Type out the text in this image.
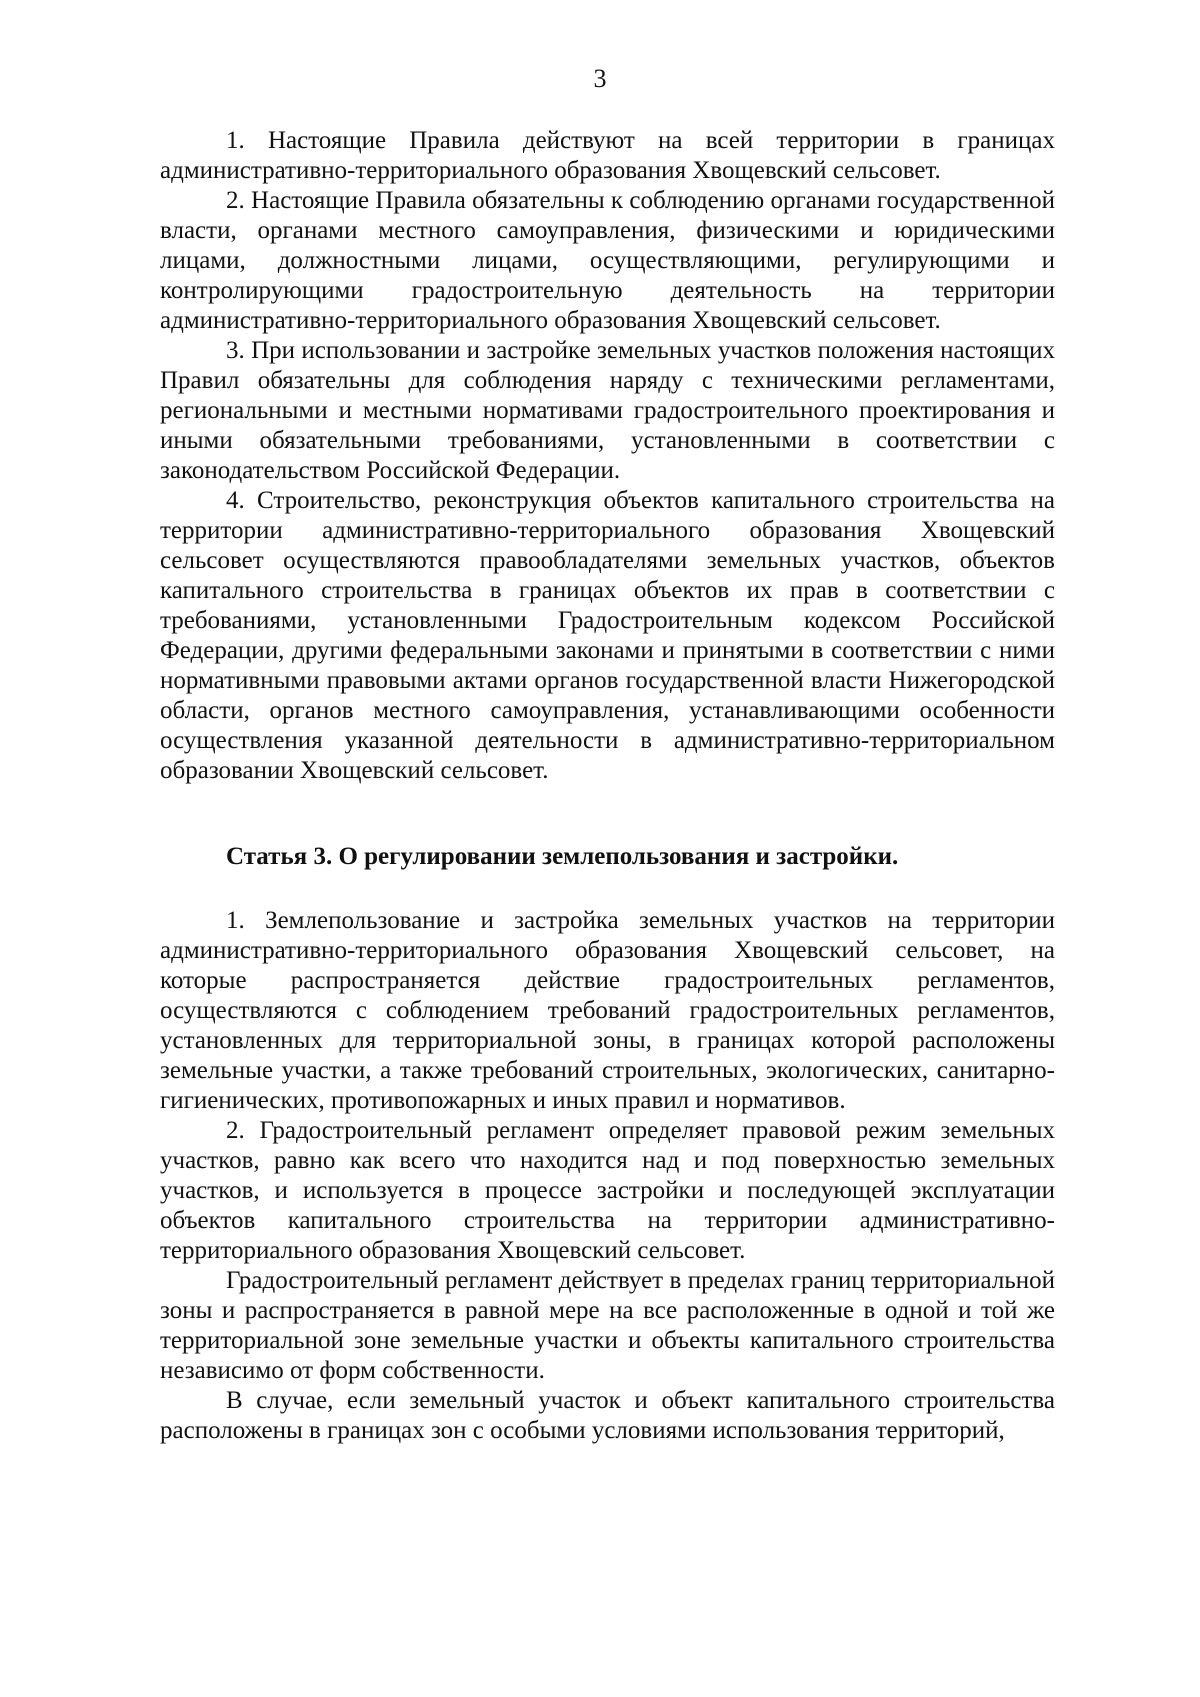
3

1. Настоящие Правила действуют на всей территории в границах административно-территориального образования Хвощевский сельсовет.

2. Настоящие Правила обязательны к соблюдению органами государственной власти, органами местного самоуправления, физическими и юридическими лицами, должностными лицами, осуществляющими, регулирующими и контролирующими градостроительную деятельность на территории административно-территориального образования Хвощевский сельсовет.

3. При использовании и застройке земельных участков положения настоящих Правил обязательны для соблюдения наряду с техническими регламентами, региональными и местными нормативами градостроительного проектирования и иными обязательными требованиями, установленными в соответствии с законодательством Российской Федерации.

4. Строительство, реконструкция объектов капитального строительства на территории административно-территориального образования Хвощевский сельсовет осуществляются правообладателями земельных участков, объектов капитального строительства в границах объектов их прав в соответствии с требованиями, установленными Градостроительным кодексом Российской Федерации, другими федеральными законами и принятыми в соответствии с ними нормативными правовыми актами органов государственной власти Нижегородской области, органов местного самоуправления, устанавливающими особенности осуществления указанной деятельности в административно-территориальном образовании Хвощевский сельсовет.

Статья 3. О регулировании землепользования и застройки.

1. Землепользование и застройка земельных участков на территории административно-территориального образования Хвощевский сельсовет, на которые распространяется действие градостроительных регламентов, осуществляются с соблюдением требований градостроительных регламентов, установленных для территориальной зоны, в границах которой расположены земельные участки, а также требований строительных, экологических, санитарно-гигиенических, противопожарных и иных правил и нормативов.

2. Градостроительный регламент определяет правовой режим земельных участков, равно как всего что находится над и под поверхностью земельных участков, и используется в процессе застройки и последующей эксплуатации объектов капитального строительства на территории административно-территориального образования Хвощевский сельсовет.

Градостроительный регламент действует в пределах границ территориальной зоны и распространяется в равной мере на все расположенные в одной и той же территориальной зоне земельные участки и объекты капитального строительства независимо от форм собственности.

В случае, если земельный участок и объект капитального строительства расположены в границах зон с особыми условиями использования территорий,
